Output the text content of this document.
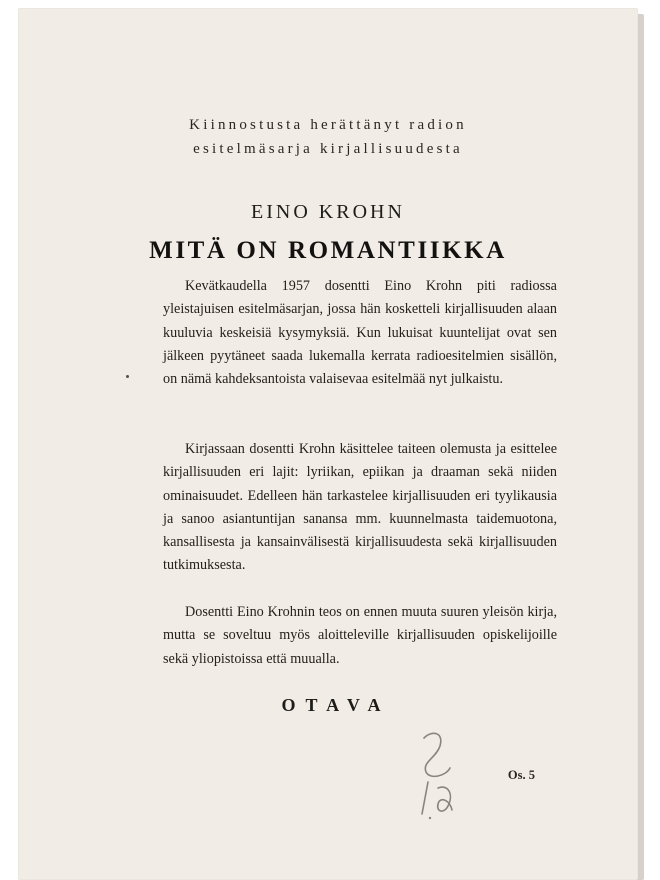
Kiinnostusta herättänyt radion
esitelmäsarja kirjallisuudesta
EINO KROHN
MITÄ ON ROMANTIIKKA

Kevätkaudella 1957 dosentti Eino Krohn piti radiossa yleistajuisen esitelmäsarjan, jossa hän kosketteli kirjallisuuden alaan kuuluvia keskeisiä kysymyksiä. Kun lukuisat kuuntelijat ovat sen jälkeen pyytäneet saada lukemalla kerrata radioesitelmien sisällön, on nämä kahdeksantoista valaisevaa esitelmää nyt julkaistu.

Kirjassaan dosentti Krohn käsittelee taiteen olemusta ja esittelee kirjallisuuden eri lajit: lyriikan, epiikan ja draaman sekä niiden ominaisuudet. Edelleen hän tarkastelee kirjallisuuden eri tyylikausia ja sanoo asiantuntijan sanansa mm. kuunnelmasta taidemuotona, kansallisesta ja kansainvälisestä kirjallisuudesta sekä kirjallisuuden tutkimuksesta.

Dosentti Eino Krohnin teos on ennen muuta suuren yleisön kirja, mutta se soveltuu myös aloitteleville kirjallisuuden opiskelijoille sekä yliopistoissa että muualla.

OTAVA
Os. 5
